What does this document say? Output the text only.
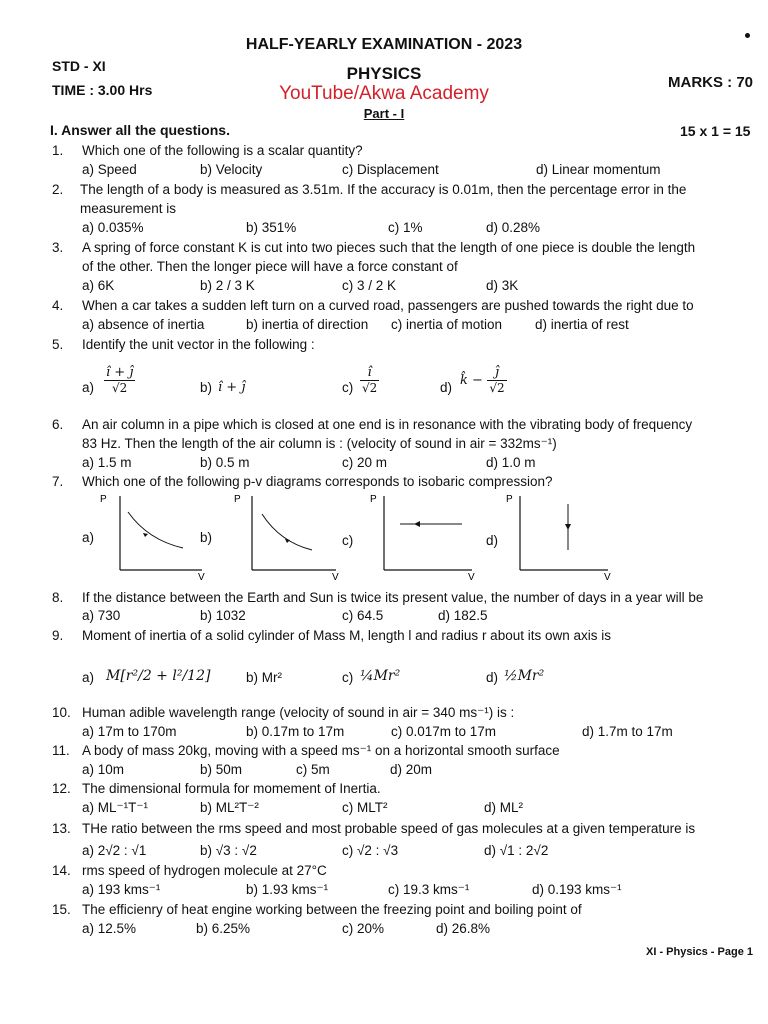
HALF-YEARLY EXAMINATION - 2023
STD - XI
TIME : 3.00 Hrs
PHYSICS	MARKS : 70
YouTube/Akwa Academy
Part - I
I. Answer all the questions.	15 x 1 = 15
1. Which one of the following is a scalar quantity?
a) Speed	b) Velocity	c) Displacement	d) Linear momentum
2. The length of a body is measured as 3.51m. If the accuracy is 0.01m, then the percentage error in the
measurement is
a) 0.035%	b) 351%	c) 1%	d) 0.28%
3. A spring of force constant K is cut into two pieces such that the length of one piece is double the length
of the other. Then the longer piece will have a force constant of
a) 6K	b) 2 / 3 K	c) 3 / 2 K	d) 3K
4. When a car takes a sudden left turn on a curved road, passengers are pushed towards the right due to
a) absence of inertia	b) inertia of direction c) inertia of motion d) inertia of rest
5. Identify the unit vector in the following :
$a) \frac{î + ĵ}{√2}$	b) î + ĵ	$c) \frac{î}{√2}$	d) k̂ − $\frac{ĵ}{√2}$
6. An air column in a pipe which is closed at one end is in resonance with the vibrating body of frequency
83 Hz. Then the length of the air column is : (velocity of sound in air = 332ms⁻¹)
a) 1.5 m	b) 0.5 m	c) 20 m	d) 1.0 m
7. Which one of the following p-v diagrams corresponds to isobaric compression?
a)
P
V
b)
P
V
c)
P
V
d)
P
V
8. If the distance between the Earth and Sun is twice its present value, the number of days in a year will be
a) 730	b) 1032	c) 64.5	d) 182.5
9. Moment of inertia of a solid cylinder of Mass M, length l and radius r about its own axis is
a) M[r²/2 + l²/12]	b) Mr²	c) ¼Mr²	d) ½Mr²
10. Human adible wavelength range (velocity of sound in air = 340 ms⁻¹) is :
a) 17m to 170m	b) 0.17m to 17m	c) 0.017m to 17m	d) 1.7m to 17m
11. A body of mass 20kg, moving with a speed ms⁻¹ on a horizontal smooth surface
a) 10m	b) 50m	c) 5m	d) 20m
12. The dimensional formula for momement of Inertia.
a) ML⁻¹T⁻¹	b) ML²T⁻²	c) MLT²	d) ML²
13. THe ratio between the rms speed and most probable speed of gas molecules at a given temperature is
a) 2√2 : √1	b) √3 : √2	c) √2 : √3	d) √1 : 2√2
14. rms speed of hydrogen molecule at 27°C
a) 193 kms⁻¹	b) 1.93 kms⁻¹	c) 19.3 kms⁻¹	d) 0.193 kms⁻¹
15. The efficienry of heat engine working between the freezing point and boiling point of
a) 12.5%	b) 6.25%	c) 20%	d) 26.8%
XI - Physics - Page 1
